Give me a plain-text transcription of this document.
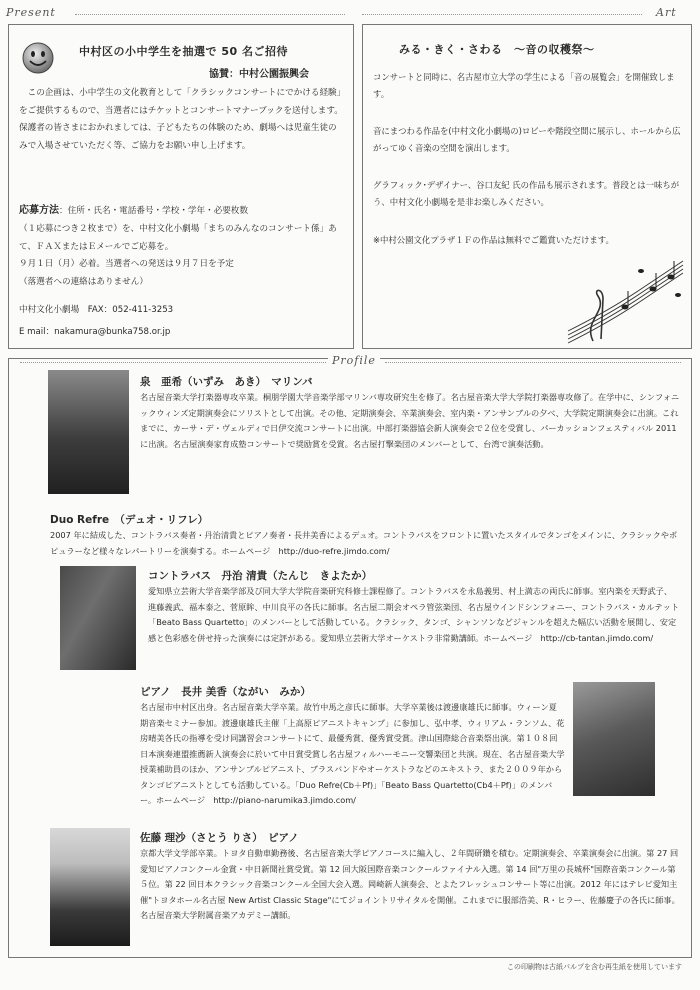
Present
中村区の小中学生を抽選で 50 名ご招待
協賛：中村公園振興会

この企画は、小中学生の文化教育として「クラシックコンサートにでかける経験」をご提供するもので、当選者にはチケットとコンサートマナーブックを送付します。保護者の皆さまにおかれましては、子どもたちの体験のため、劇場へは児童生徒のみで入場させていただく等、ご協力をお願い申し上げます。

応募方法：住所・氏名・電話番号・学校・学年・必要枚数

（１応募につき２枚まで）を、中村文化小劇場「まちのみんなのコンサート係」あて、ＦＡＸまたはＥメールでご応募を。

９月１日（月）必着。当選者への発送は９月７日を予定

（落選者への連絡はありません）

中村文化小劇場　FAX：052-411-3253

E mail：nakamura@bunka758.or.jp

Art
みる・きく・さわる　～音の収穫祭～

コンサートと同時に、名古屋市立大学の学生による「音の展覧会」を開催致します。

音にまつわる作品を(中村文化小劇場の)ロビーや階段空間に展示し、ホールから広がってゆく音楽の空間を演出します。

グラフィック･デザイナー、谷口友紀 氏の作品も展示されます。普段とは一味ちがう、中村文化小劇場を是非お楽しみください。

※中村公園文化プラザ１Ｆの作品は無料でご鑑賞いただけます。

Profile
泉　亜希（いずみ　あき）　マリンバ

名古屋音楽大学打楽器専攻卒業。桐朋学園大学音楽学部マリンバ専攻研究生を修了。名古屋音楽大学大学院打楽器専攻修了。在学中に、シンフォニックウィンズ定期演奏会にソリストとして出演。その他、定期演奏会、卒業演奏会、室内楽・アンサンブルの夕べ、大学院定期演奏会に出演。これまでに、カーサ・デ・ヴェルディで日伊交流コンサートに出演。中部打楽器協会新人演奏会で２位を受賞し、パーカッションフェスティバル 2011 に出演。名古屋演奏家育成塾コンサートで奨励賞を受賞。名古屋打撃楽団のメンバーとして、台湾で演奏活動。

Duo Refre　（デュオ・リフレ）

2007 年に結成した、コントラバス奏者・丹治清貴とピアノ奏者・長井美香によるデュオ。コントラバスをフロントに置いたスタイルでタンゴをメインに、クラシックやポピュラーなど様々なレパートリーを演奏する。ホームページ　http://duo-refre.jimdo.com/

コントラバス　丹治 清貴（たんじ　きよたか）

愛知県立芸術大学音楽学部及び同大学大学院音楽研究科修士課程修了。コントラバスを永島義男、村上満志の両氏に師事。室内楽を天野武子、進藤義武、福本泰之、菅原眸、中川良平の各氏に師事。名古屋二期会オペラ管弦楽団、名古屋ウインドシンフォニー、コントラバス・カルテット「Beato Bass Quartetto」のメンバーとして活動している。クラシック、タンゴ、シャンソンなどジャンルを超えた幅広い活動を展開し、安定感と色彩感を併せ持った演奏には定評がある。愛知県立芸術大学オーケストラ非常勤講師。ホームページ　http://cb-tantan.jimdo.com/

ピアノ　長井 美香（ながい　みか）

名古屋市中村区出身。名古屋音楽大学卒業。故竹中馬之彦氏に師事。大学卒業後は渡邊康雄氏に師事。ウィーン夏期音楽セミナー参加。渡邊康雄氏主催「上高原ピアニストキャンプ」に参加し、弘中孝、ウィリアム・ランソム、花房晴美各氏の指導を受け同講習会コンサートにて、最優秀賞、優秀賞受賞。津山国際総合音楽祭出演。第１０８回日本演奏連盟推薦新人演奏会に於いて中日賞受賞し名古屋フィルハーモニー交響楽団と共演。現在、名古屋音楽大学授業補助員のほか、アンサンブルピアニスト、ブラスバンドやオーケストラなどのエキストラ、また２００９年からタンゴピアニストとしても活動している。「Duo Refre(Cb＋Pf)」「Beato Bass Quartetto(Cb4＋Pf)」のメンバー。ホームページ　http://piano-narumika3.jimdo.com/

佐藤 理沙（さとう りさ）　ピアノ

京都大学文学部卒業。トヨタ自動車勤務後、名古屋音楽大学ピアノコースに編入し、２年間研鑽を積む。定期演奏会、卒業演奏会に出演。第 27 回愛知ピアノコンクール金賞・中日新聞社賞受賞。第 12 回大阪国際音楽コンクールファイナル入選。第 14 回"万里の長城杯"国際音楽コンクール第５位。第 22 回日本クラシック音楽コンクール全国大会入選。岡崎新人演奏会、とよたフレッシュコンサート等に出演。2012 年にはテレビ愛知主催"トヨタホール名古屋 New Artist Classic Stage"にてジョイントリサイタルを開催。これまでに服部浩美、R・ヒラー、佐藤慶子の各氏に師事。名古屋音楽大学附属音楽アカデミー講師。

この印刷物は古紙パルプを含む再生紙を使用しています
